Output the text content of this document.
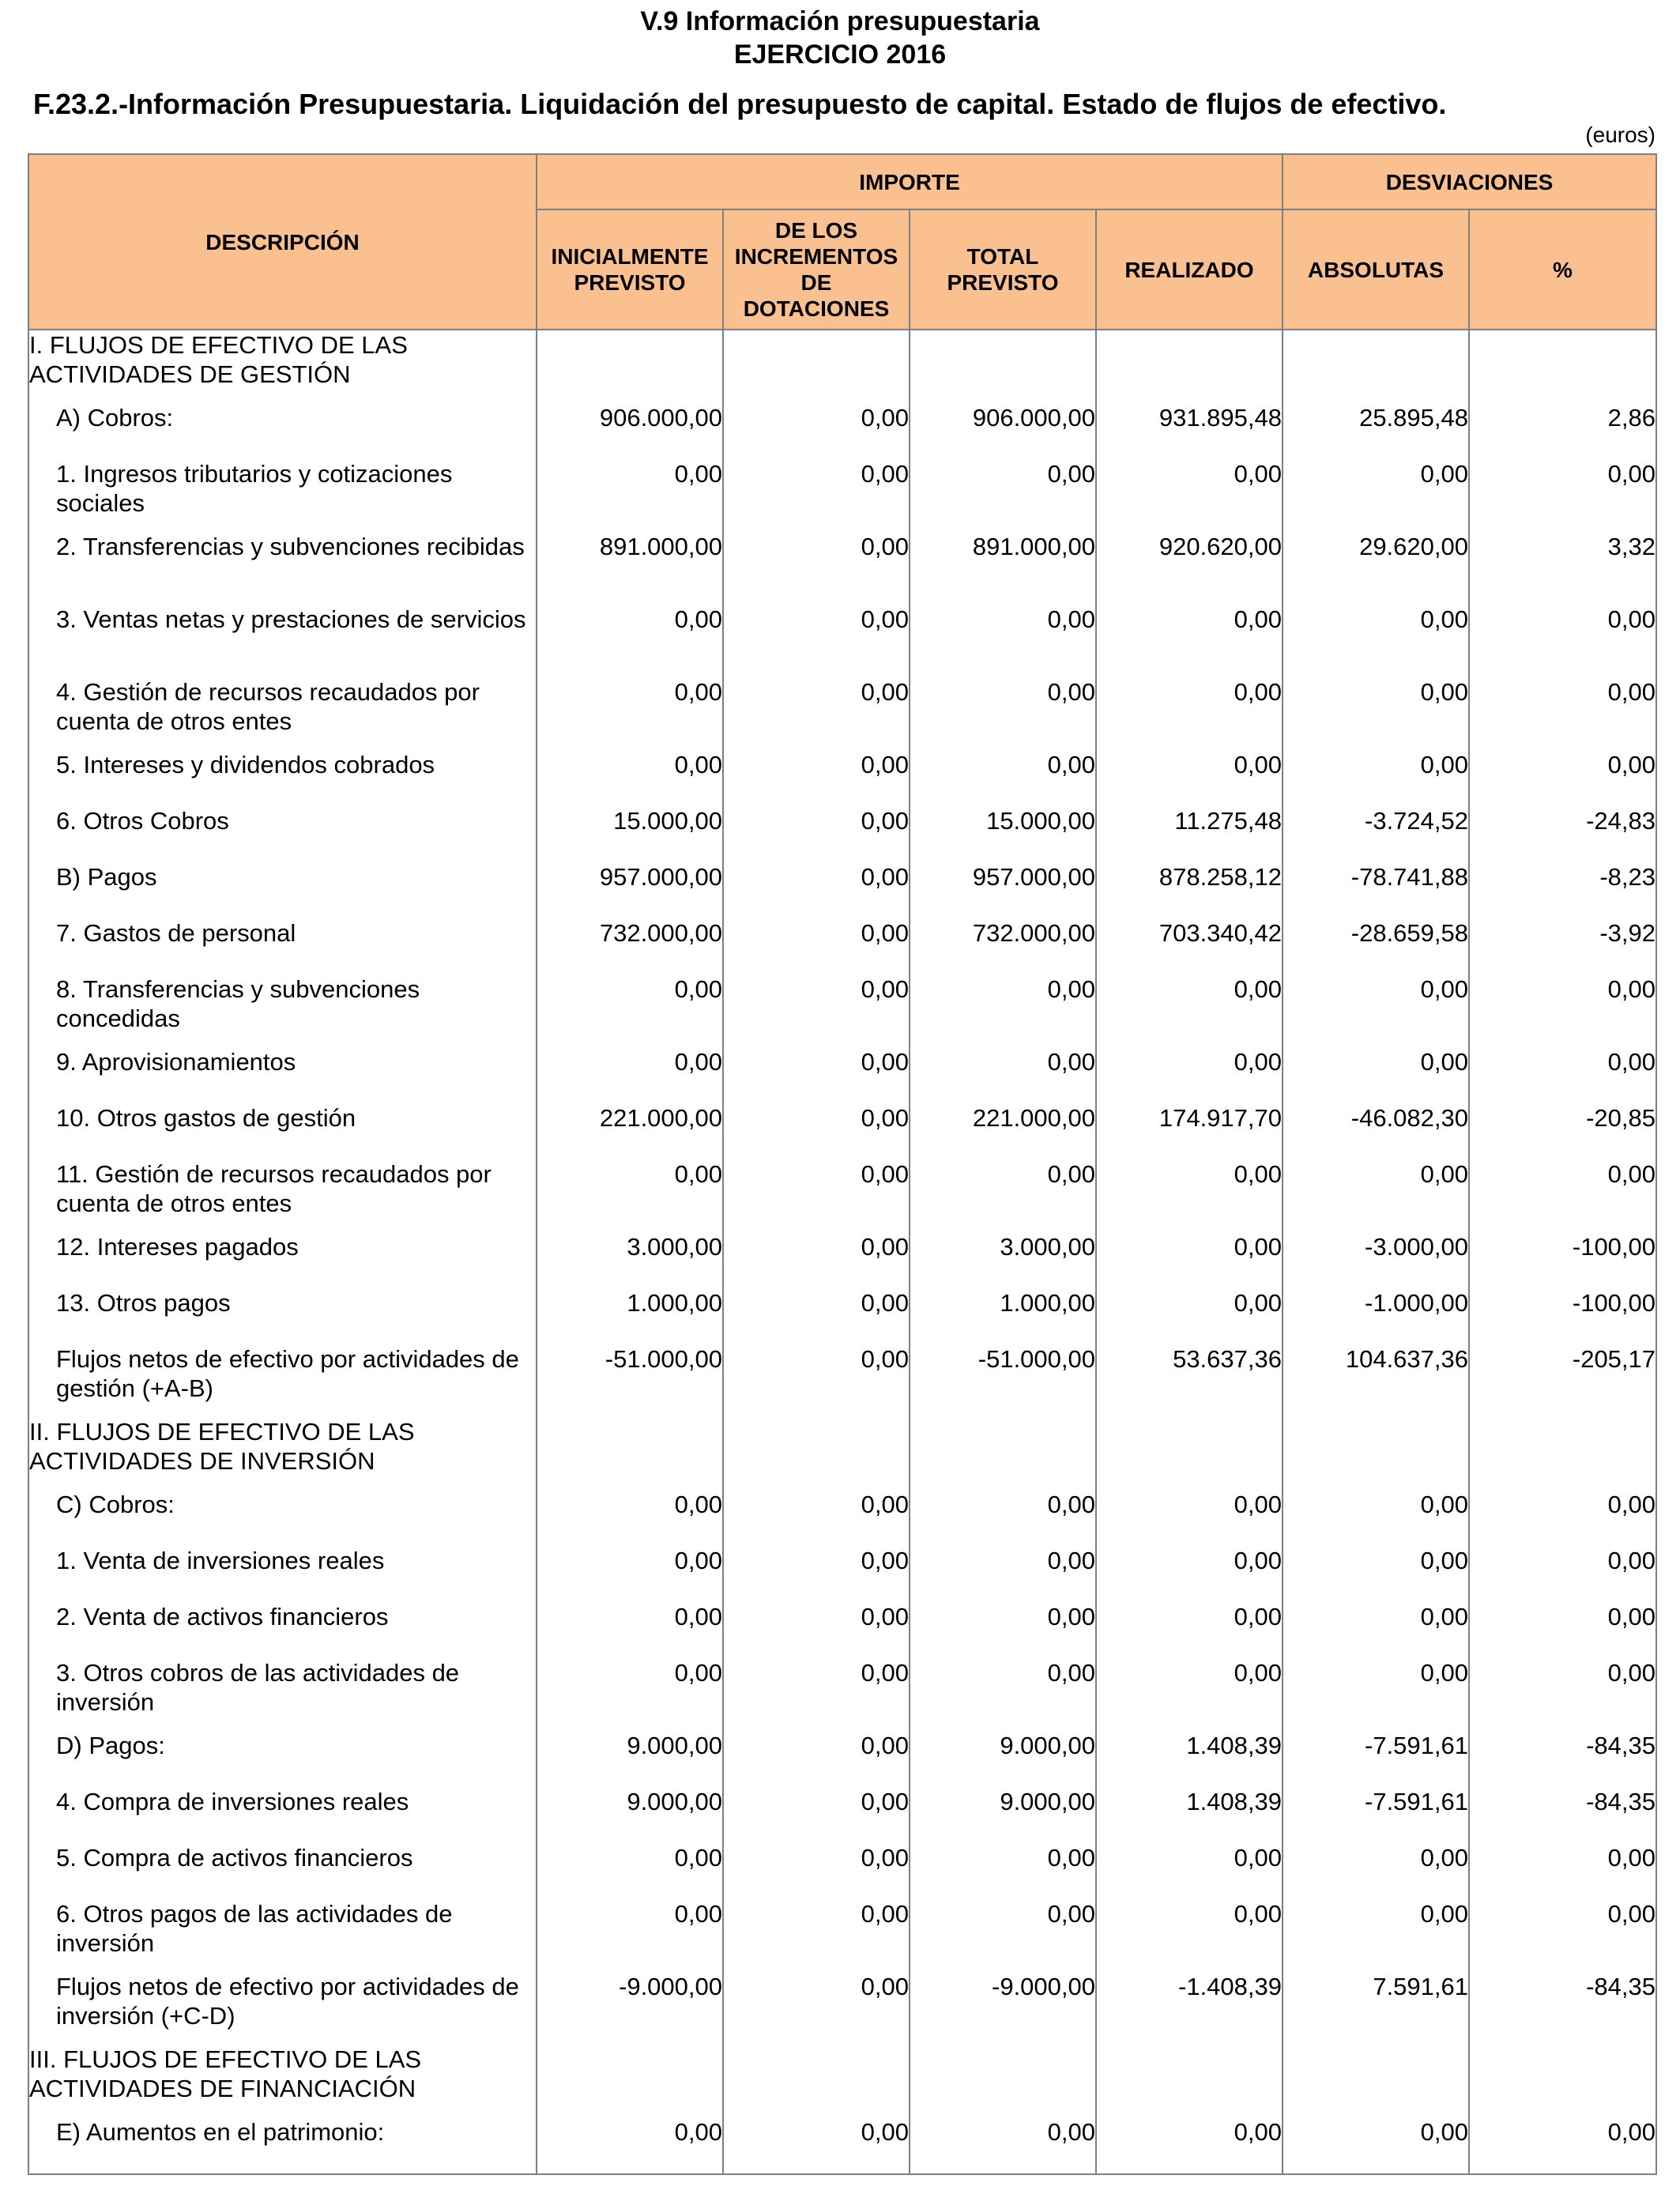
V.9 Información presupuestaria
EJERCICIO 2016
F.23.2.-Información Presupuestaria. Liquidación del presupuesto de capital. Estado de flujos de efectivo.
(euros)
DESCRIPCIÓN	IMPORTE				DESVIACIONES	
	INICIALMENTE PREVISTO	DE LOS INCREMENTOS DE DOTACIONES	TOTAL PREVISTO	REALIZADO	ABSOLUTAS	%
I. FLUJOS DE EFECTIVO DE LAS ACTIVIDADES DE GESTIÓN						
A) Cobros:	906.000,00	0,00	906.000,00	931.895,48	25.895,48	2,86
1. Ingresos tributarios y cotizaciones sociales	0,00	0,00	0,00	0,00	0,00	0,00
2. Transferencias y subvenciones recibidas	891.000,00	0,00	891.000,00	920.620,00	29.620,00	3,32
3. Ventas netas y prestaciones de servicios	0,00	0,00	0,00	0,00	0,00	0,00
4. Gestión de recursos recaudados por cuenta de otros entes	0,00	0,00	0,00	0,00	0,00	0,00
5. Intereses y dividendos cobrados	0,00	0,00	0,00	0,00	0,00	0,00
6. Otros Cobros	15.000,00	0,00	15.000,00	11.275,48	-3.724,52	-24,83
B) Pagos	957.000,00	0,00	957.000,00	878.258,12	-78.741,88	-8,23
7. Gastos de personal	732.000,00	0,00	732.000,00	703.340,42	-28.659,58	-3,92
8. Transferencias y subvenciones concedidas	0,00	0,00	0,00	0,00	0,00	0,00
9. Aprovisionamientos	0,00	0,00	0,00	0,00	0,00	0,00
10. Otros gastos de gestión	221.000,00	0,00	221.000,00	174.917,70	-46.082,30	-20,85
11. Gestión de recursos recaudados por cuenta de otros entes	0,00	0,00	0,00	0,00	0,00	0,00
12. Intereses pagados	3.000,00	0,00	3.000,00	0,00	-3.000,00	-100,00
13. Otros pagos	1.000,00	0,00	1.000,00	0,00	-1.000,00	-100,00
Flujos netos de efectivo por actividades de gestión (+A-B)	-51.000,00	0,00	-51.000,00	53.637,36	104.637,36	-205,17
II. FLUJOS DE EFECTIVO DE LAS ACTIVIDADES DE INVERSIÓN						
C) Cobros:	0,00	0,00	0,00	0,00	0,00	0,00
1. Venta de inversiones reales	0,00	0,00	0,00	0,00	0,00	0,00
2. Venta de activos financieros	0,00	0,00	0,00	0,00	0,00	0,00
3. Otros cobros de las actividades de inversión	0,00	0,00	0,00	0,00	0,00	0,00
D) Pagos:	9.000,00	0,00	9.000,00	1.408,39	-7.591,61	-84,35
4. Compra de inversiones reales	9.000,00	0,00	9.000,00	1.408,39	-7.591,61	-84,35
5. Compra de activos financieros	0,00	0,00	0,00	0,00	0,00	0,00
6. Otros pagos de las actividades de inversión	0,00	0,00	0,00	0,00	0,00	0,00
Flujos netos de efectivo por actividades de inversión (+C-D)	-9.000,00	0,00	-9.000,00	-1.408,39	7.591,61	-84,35
III. FLUJOS DE EFECTIVO DE LAS ACTIVIDADES DE FINANCIACIÓN						
E) Aumentos en el patrimonio:	0,00	0,00	0,00	0,00	0,00	0,00
